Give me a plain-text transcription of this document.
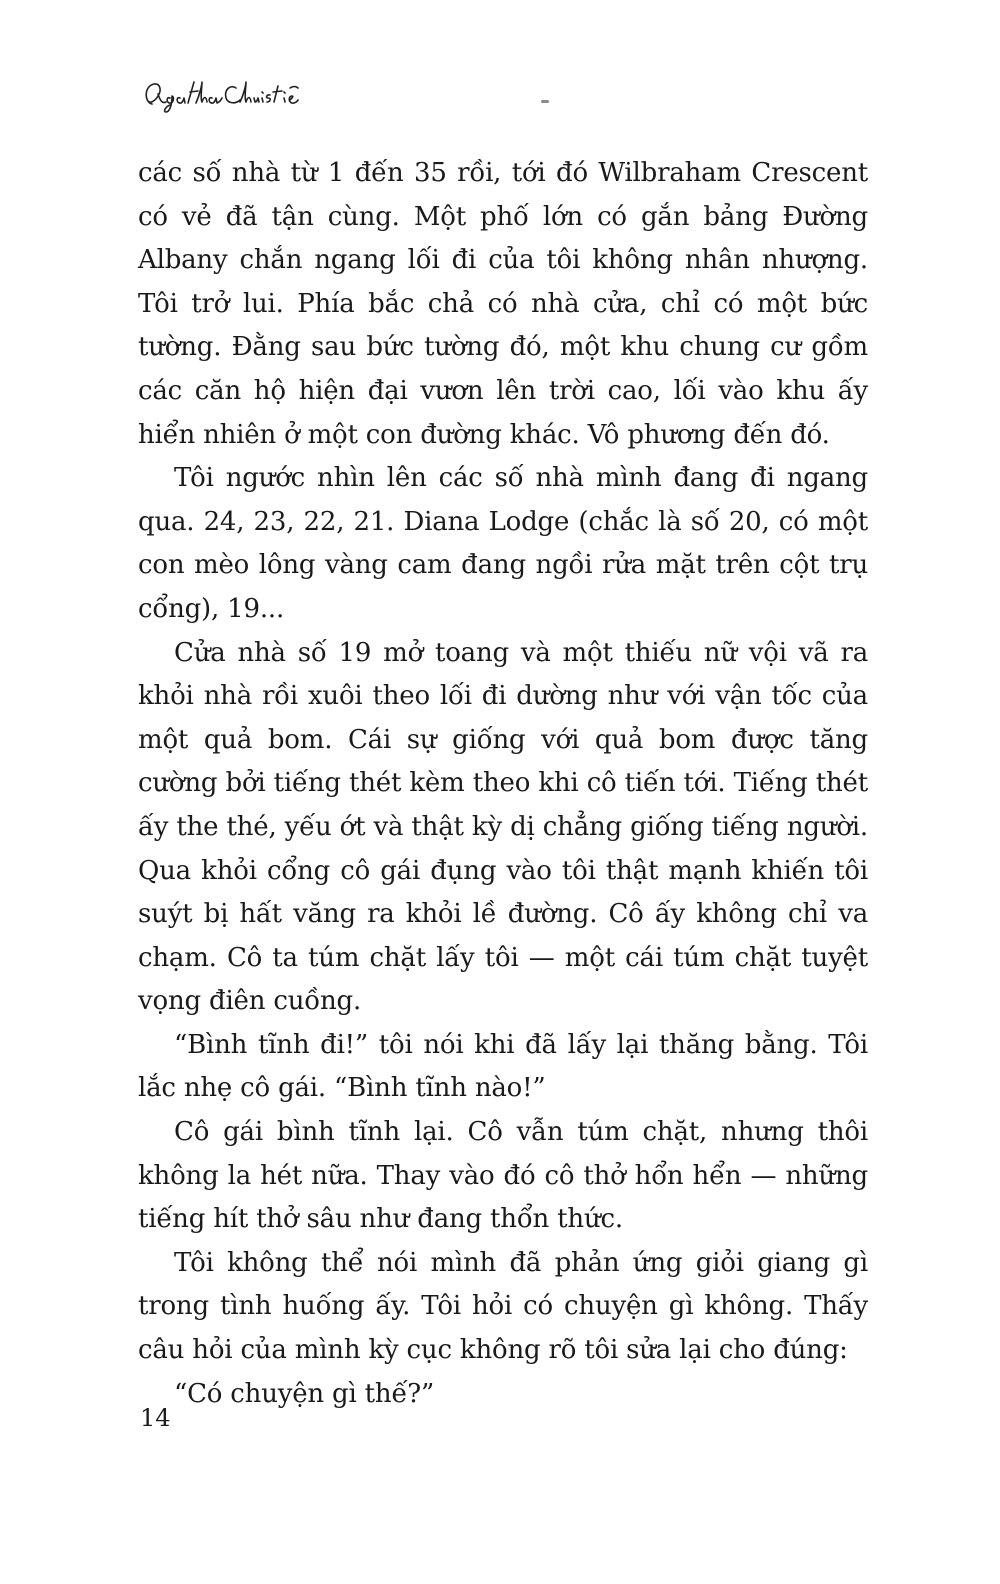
các số nhà từ 1 đến 35 rồi, tới đó Wilbraham Crescent có vẻ đã tận cùng. Một phố lớn có gắn bảng Đường Albany chắn ngang lối đi của tôi không nhân nhượng. Tôi trở lui. Phía bắc chả có nhà cửa, chỉ có một bức tường. Đằng sau bức tường đó, một khu chung cư gồm các căn hộ hiện đại vươn lên trời cao, lối vào khu ấy hiển nhiên ở một con đường khác. Vô phương đến đó.

Tôi ngước nhìn lên các số nhà mình đang đi ngang qua. 24, 23, 22, 21. Diana Lodge (chắc là số 20, có một con mèo lông vàng cam đang ngồi rửa mặt trên cột trụ cổng), 19...

Cửa nhà số 19 mở toang và một thiếu nữ vội vã ra khỏi nhà rồi xuôi theo lối đi dường như với vận tốc của một quả bom. Cái sự giống với quả bom được tăng cường bởi tiếng thét kèm theo khi cô tiến tới. Tiếng thét ấy the thé, yếu ớt và thật kỳ dị chẳng giống tiếng người. Qua khỏi cổng cô gái đụng vào tôi thật mạnh khiến tôi suýt bị hất văng ra khỏi lề đường. Cô ấy không chỉ va chạm. Cô ta túm chặt lấy tôi — một cái túm chặt tuyệt vọng điên cuồng.

“Bình tĩnh đi!” tôi nói khi đã lấy lại thăng bằng. Tôi lắc nhẹ cô gái. “Bình tĩnh nào!”

Cô gái bình tĩnh lại. Cô vẫn túm chặt, nhưng thôi không la hét nữa. Thay vào đó cô thở hổn hển — những tiếng hít thở sâu như đang thổn thức.

Tôi không thể nói mình đã phản ứng giỏi giang gì trong tình huống ấy. Tôi hỏi có chuyện gì không. Thấy câu hỏi của mình kỳ cục không rõ tôi sửa lại cho đúng:

“Có chuyện gì thế?”

14
